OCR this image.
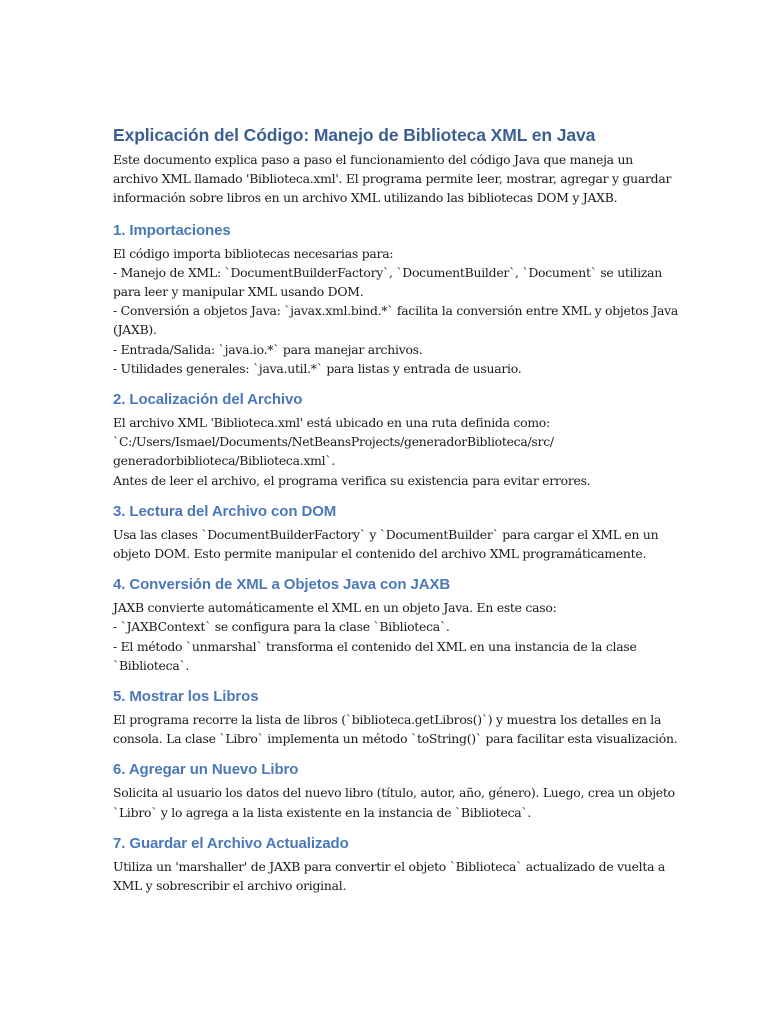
Explicación del Código: Manejo de Biblioteca XML en Java

Este documento explica paso a paso el funcionamiento del código Java que maneja un
archivo XML llamado 'Biblioteca.xml'. El programa permite leer, mostrar, agregar y guardar
información sobre libros en un archivo XML utilizando las bibliotecas DOM y JAXB.

1. Importaciones

El código importa bibliotecas necesarias para:
- Manejo de XML: `DocumentBuilderFactory`, `DocumentBuilder`, `Document` se utilizan
para leer y manipular XML usando DOM.
- Conversión a objetos Java: `javax.xml.bind.*` facilita la conversión entre XML y objetos Java
(JAXB).
- Entrada/Salida: `java.io.*` para manejar archivos.
- Utilidades generales: `java.util.*` para listas y entrada de usuario.

2. Localización del Archivo

El archivo XML 'Biblioteca.xml' está ubicado en una ruta definida como:
`C:/Users/Ismael/Documents/NetBeansProjects/generadorBiblioteca/src/
generadorbiblioteca/Biblioteca.xml`.
Antes de leer el archivo, el programa verifica su existencia para evitar errores.

3. Lectura del Archivo con DOM

Usa las clases `DocumentBuilderFactory` y `DocumentBuilder` para cargar el XML en un
objeto DOM. Esto permite manipular el contenido del archivo XML programáticamente.

4. Conversión de XML a Objetos Java con JAXB

JAXB convierte automáticamente el XML en un objeto Java. En este caso:
- `JAXBContext` se configura para la clase `Biblioteca`.
- El método `unmarshal` transforma el contenido del XML en una instancia de la clase
`Biblioteca`.

5. Mostrar los Libros

El programa recorre la lista de libros (`biblioteca.getLibros()`) y muestra los detalles en la
consola. La clase `Libro` implementa un método `toString()` para facilitar esta visualización.

6. Agregar un Nuevo Libro

Solicita al usuario los datos del nuevo libro (título, autor, año, género). Luego, crea un objeto
`Libro` y lo agrega a la lista existente en la instancia de `Biblioteca`.

7. Guardar el Archivo Actualizado

Utiliza un 'marshaller' de JAXB para convertir el objeto `Biblioteca` actualizado de vuelta a
XML y sobrescribir el archivo original.
